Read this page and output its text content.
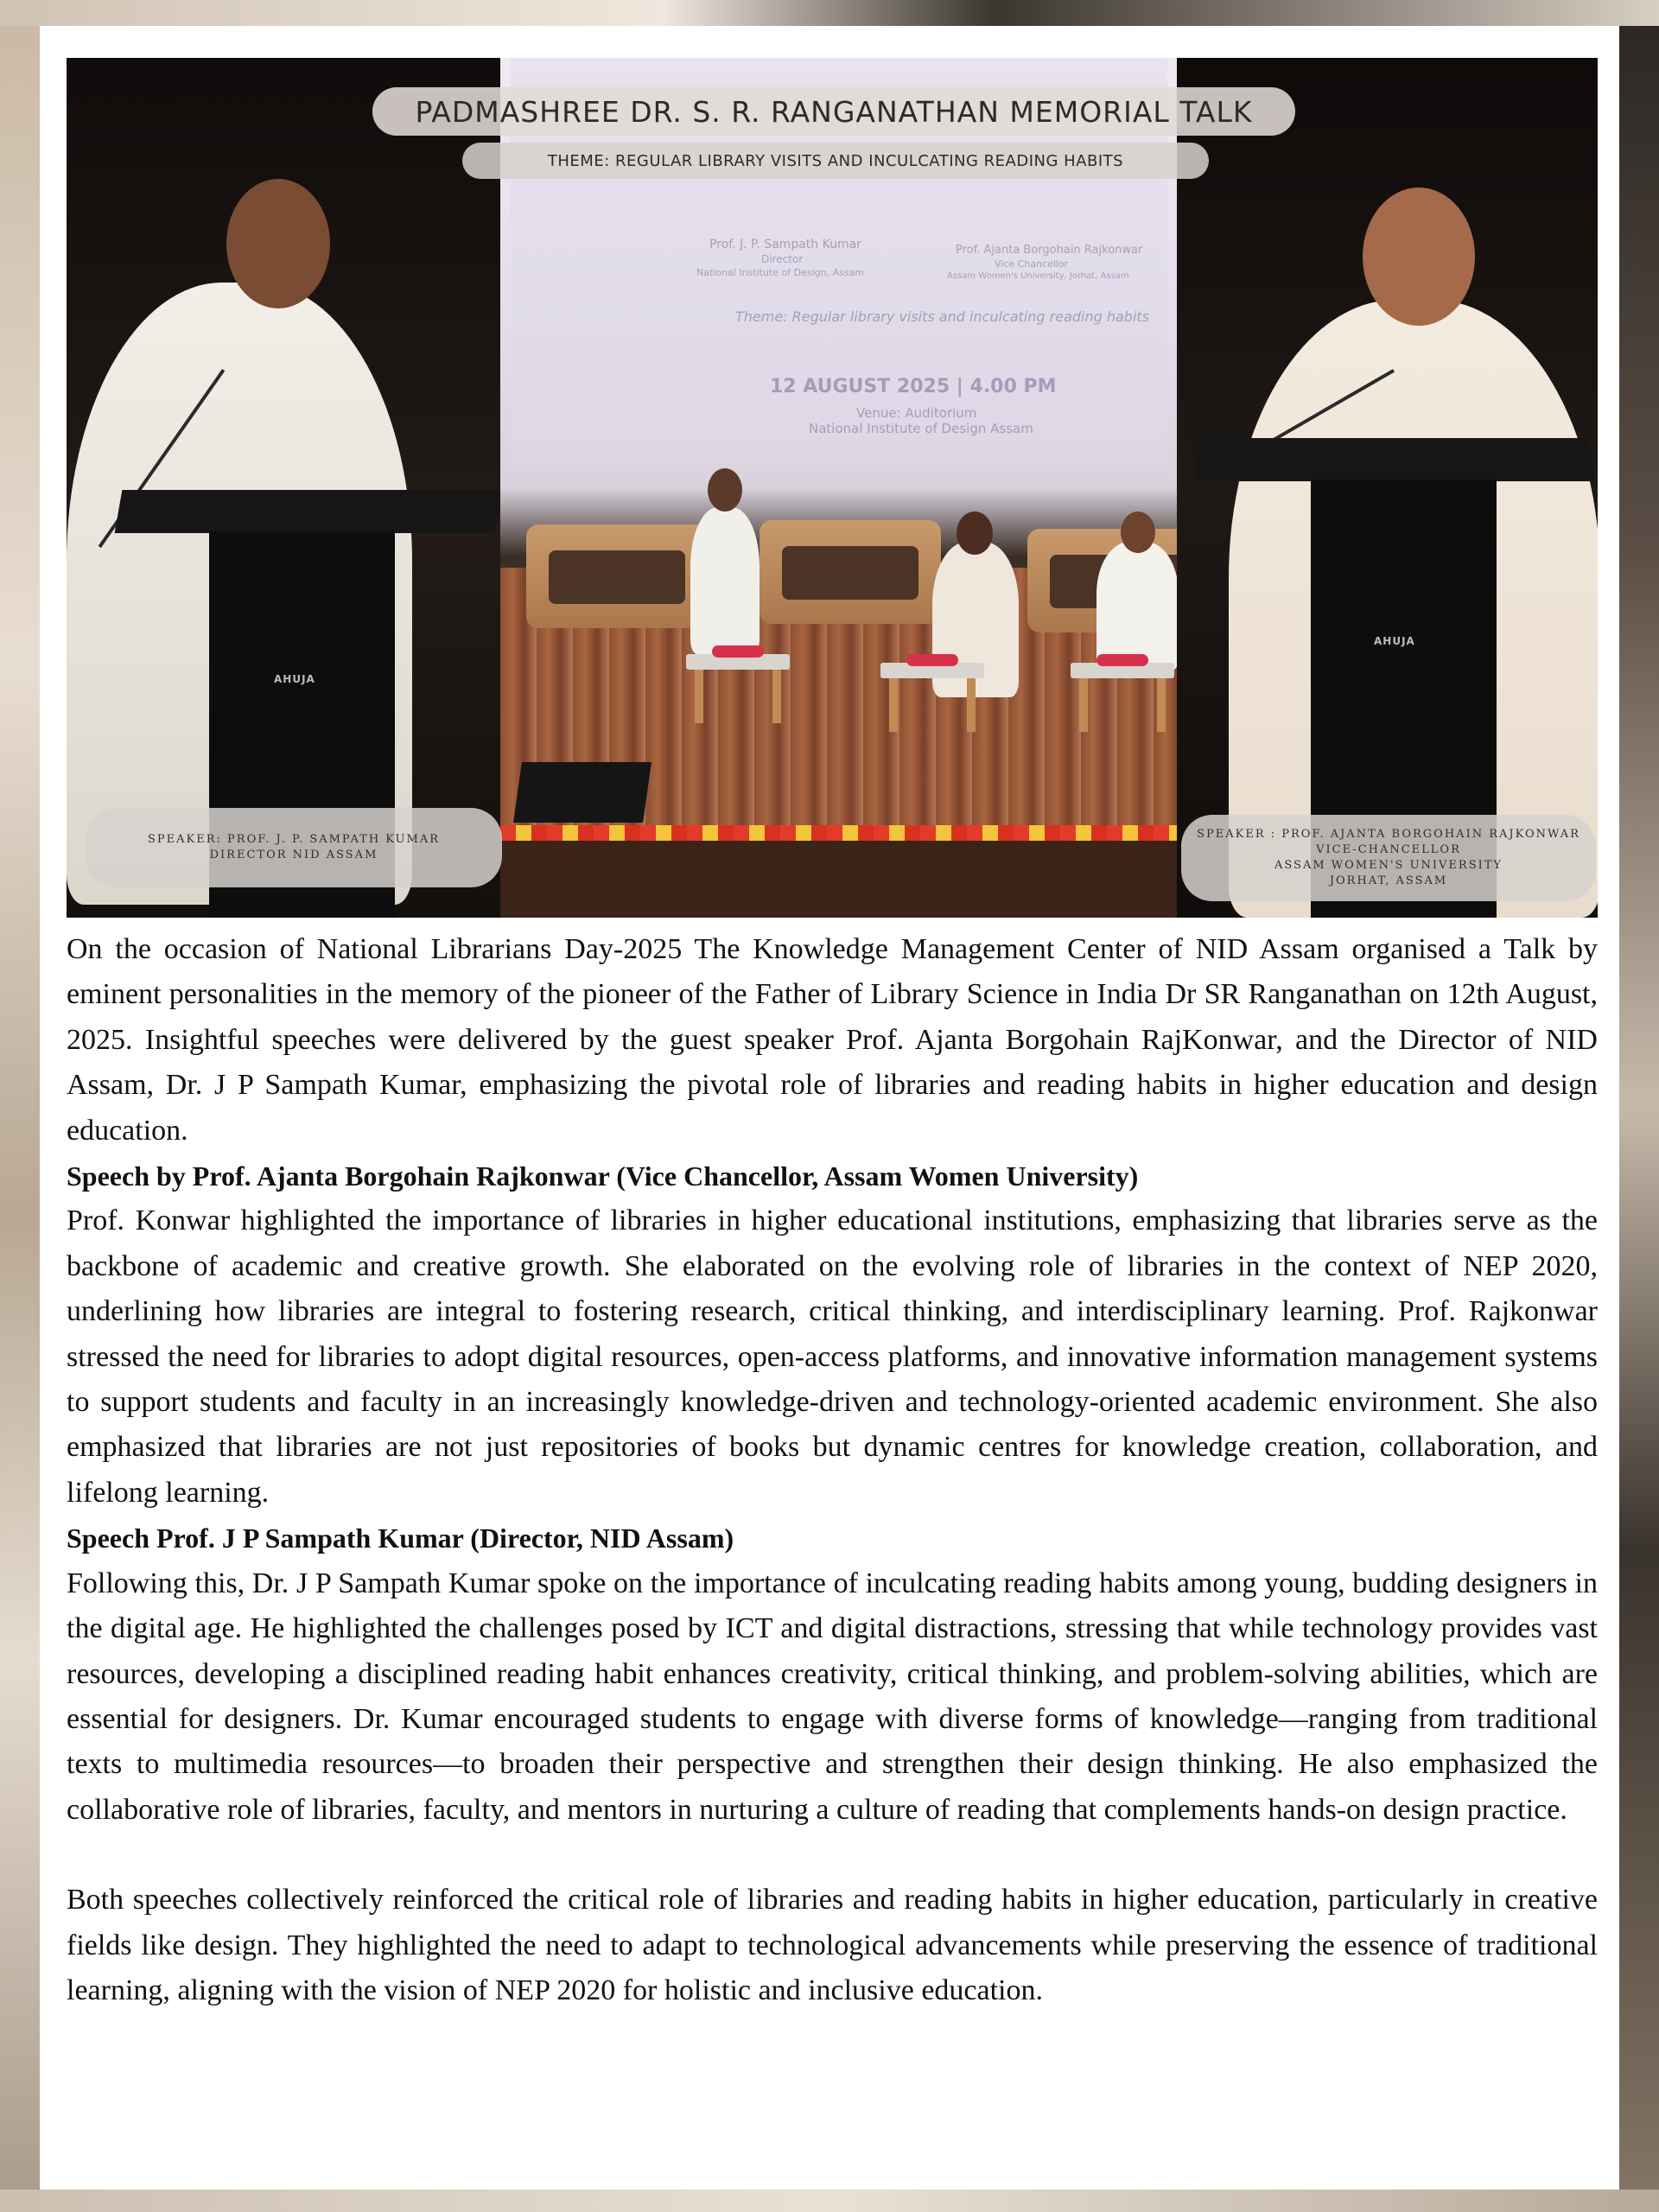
AHUJA
Prof. J. P. Sampath Kumar
Director
National Institute of Design, Assam
Prof. Ajanta Borgohain Rajkonwar
Vice Chancellor
Assam Women's University, Jorhat, Assam
Theme: Regular library visits and inculcating reading habits
12 AUGUST 2025 | 4.00 PM
Venue: Auditorium
National Institute of Design Assam
AHUJA
PADMASHREE DR. S. R. RANGANATHAN MEMORIAL TALK
THEME: REGULAR LIBRARY VISITS AND INCULCATING READING HABITS
SPEAKER: PROF. J. P. SAMPATH KUMAR
DIRECTOR NID ASSAM
SPEAKER : PROF. AJANTA BORGOHAIN RAJKONWAR
VICE-CHANCELLOR
ASSAM WOMEN'S UNIVERSITY
JORHAT, ASSAM

On the occasion of National Librarians Day-2025 The Knowledge Management Center of NID Assam organised a Talk by eminent personalities in the memory of the pioneer of the Father of Library Science in India Dr SR Ranganathan on 12th August, 2025. Insightful speeches were delivered by the guest speaker Prof. Ajanta Borgohain RajKonwar, and the Director of NID Assam, Dr. J P Sampath Kumar, emphasizing the pivotal role of libraries and reading habits in higher education and design education.

Speech by Prof. Ajanta Borgohain Rajkonwar (Vice Chancellor, Assam Women University)

Prof. Konwar highlighted the importance of libraries in higher educational institutions, emphasizing that libraries serve as the backbone of academic and creative growth. She elaborated on the evolving role of libraries in the context of NEP 2020, underlining how libraries are integral to fostering research, critical thinking, and interdisciplinary learning. Prof. Rajkonwar stressed the need for libraries to adopt digital resources, open-access platforms, and innovative information management systems to support students and faculty in an increasingly knowledge-driven and technology-oriented academic environment. She also emphasized that libraries are not just repositories of books but dynamic centres for knowledge creation, collaboration, and lifelong learning.

Speech Prof. J P Sampath Kumar (Director, NID Assam)

Following this, Dr. J P Sampath Kumar spoke on the importance of inculcating reading habits among young, budding designers in the digital age. He highlighted the challenges posed by ICT and digital distractions, stressing that while technology provides vast resources, developing a disciplined reading habit enhances creativity, critical thinking, and problem-solving abilities, which are essential for designers. Dr. Kumar encouraged students to engage with diverse forms of knowledge—ranging from traditional texts to multimedia resources—to broaden their perspective and strengthen their design thinking. He also emphasized the collaborative role of libraries, faculty, and mentors in nurturing a culture of reading that complements hands-on design practice.

Both speeches collectively reinforced the critical role of libraries and reading habits in higher education, particularly in creative fields like design. They highlighted the need to adapt to technological advancements while preserving the essence of traditional learning, aligning with the vision of NEP 2020 for holistic and inclusive education.
